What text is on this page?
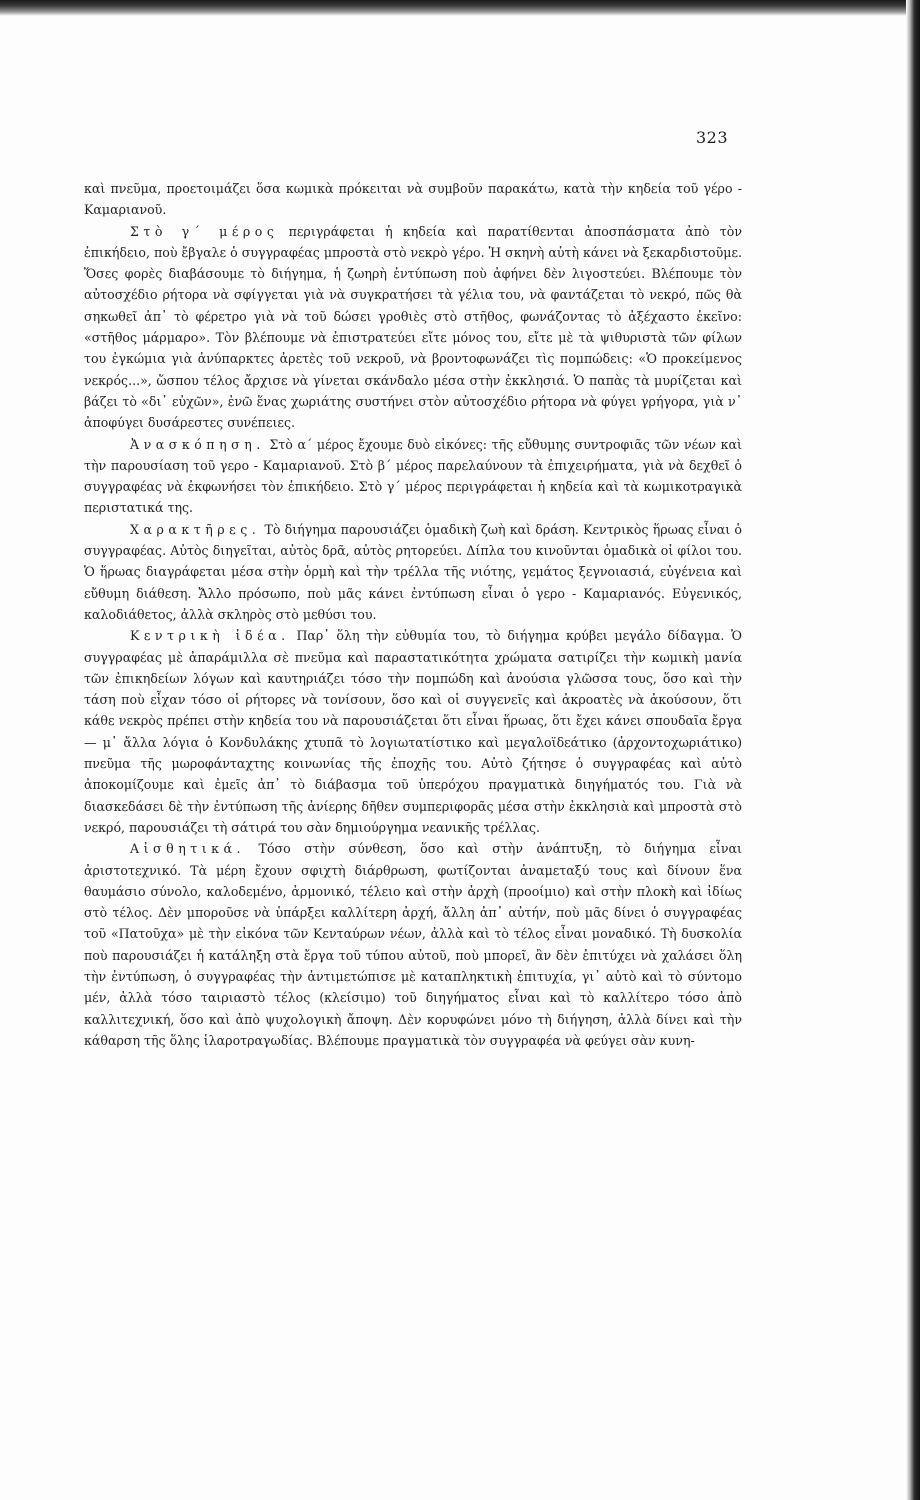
323

καὶ πνεῦμα, προετοιμάζει ὅσα κωμικὰ πρόκειται νὰ συμβοῦν παρακάτω, κατὰ τὴν κηδεία τοῦ γέρο - Καμαριανοῦ.

Στὸ γ΄ μέρος περιγράφεται ἡ κηδεία καὶ παρατίθενται ἀποσπάσματα ἀπὸ τὸν ἐπικήδειο, ποὺ ἔβγαλε ὁ συγγραφέας μπροστὰ στὸ νεκρὸ γέρο. Ἡ σκηνὴ αὐτὴ κάνει νὰ ξεκαρδιστοῦμε. Ὅσες φορὲς διαβάσουμε τὸ διήγημα, ἡ ζωηρὴ ἐντύπωση ποὺ ἀφήνει δὲν λιγοστεύει. Βλέπουμε τὸν αὐτοσχέδιο ρήτορα νὰ σφίγγεται γιὰ νὰ συγκρατήσει τὰ γέλια του, νὰ φαντάζεται τὸ νεκρό, πῶς θὰ σηκωθεῖ ἀπ᾿ τὸ φέρετρο γιὰ νὰ τοῦ δώσει γροθιὲς στὸ στῆθος, φωνάζοντας τὸ ἀξέχαστο ἐκεῖνο: «στῆθος μάρμαρο». Τὸν βλέπουμε νὰ ἐπιστρατεύει εἴτε μόνος του, εἴτε μὲ τὰ ψιθυριστὰ τῶν φίλων του ἐγκώμια γιὰ ἀνύπαρκτες ἀρετὲς τοῦ νεκροῦ, νὰ βροντοφωνάζει τὶς πομπώδεις: «Ὁ προκείμενος νεκρός...», ὥσπου τέλος ἄρχισε νὰ γίνεται σκάνδαλο μέσα στὴν ἐκκλησιά. Ὁ παπὰς τὰ μυρίζεται καὶ βάζει τὸ «δι᾿ εὐχῶν», ἐνῶ ἕνας χωριάτης συστήνει στὸν αὐτοσχέδιο ρήτορα νὰ φύγει γρήγορα, γιὰ ν᾿ ἀποφύγει δυσάρεστες συνέπειες.

Ἀνασκόπηση. Στὸ α΄ μέρος ἔχουμε δυὸ εἰκόνες: τῆς εὔθυμης συντροφιᾶς τῶν νέων καὶ τὴν παρουσίαση τοῦ γερο - Καμαριανοῦ. Στὸ β΄ μέρος παρελαύνουν τὰ ἐπιχειρήματα, γιὰ νὰ δεχθεῖ ὁ συγγραφέας νὰ ἐκφωνήσει τὸν ἐπικήδειο. Στὸ γ΄ μέρος περιγράφεται ἡ κηδεία καὶ τὰ κωμικοτραγικὰ περιστατικά της.

Χαρακτῆρες. Τὸ διήγημα παρουσιάζει ὁμαδικὴ ζωὴ καὶ δράση. Κεντρικὸς ἥρωας εἶναι ὁ συγγραφέας. Αὐτὸς διηγεῖται, αὐτὸς δρᾶ, αὐτὸς ρητορεύει. Δίπλα του κινοῦνται ὁμαδικὰ οἱ φίλοι του. Ὁ ἥρωας διαγράφεται μέσα στὴν ὁρμὴ καὶ τὴν τρέλλα τῆς νιότης, γεμάτος ξεγνοιασιά, εὐγένεια καὶ εὔθυμη διάθεση. Ἄλλο πρόσωπο, ποὺ μᾶς κάνει ἐντύπωση εἶναι ὁ γερο - Καμαριανός. Εὐγενικός, καλοδιάθετος, ἀλλὰ σκληρὸς στὸ μεθύσι του.

Κεντρικὴ ἰδέα. Παρ᾿ ὅλη τὴν εὐθυμία του, τὸ διήγημα κρύβει μεγάλο δίδαγμα. Ὁ συγγραφέας μὲ ἀπαράμιλλα σὲ πνεῦμα καὶ παραστατικότητα χρώματα σατιρίζει τὴν κωμικὴ μανία τῶν ἐπικηδείων λόγων καὶ καυτηριάζει τόσο τὴν πομπώδη καὶ ἀνούσια γλῶσσα τους, ὅσο καὶ τὴν τάση ποὺ εἶχαν τόσο οἱ ρήτορες νὰ τονίσουν, ὅσο καὶ οἱ συγγενεῖς καὶ ἀκροατὲς νὰ ἀκούσουν, ὅτι κάθε νεκρὸς πρέπει στὴν κηδεία του νὰ παρουσιάζεται ὅτι εἶναι ἥρωας, ὅτι ἔχει κάνει σπουδαῖα ἔργα — μ᾿ ἄλλα λόγια ὁ Κονδυλάκης χτυπᾶ τὸ λογιωτατίστικο καὶ μεγαλοϊδεάτικο (ἀρχοντοχωριάτικο) πνεῦμα τῆς μωροφάνταχτης κοινωνίας τῆς ἐποχῆς του. Αὐτὸ ζήτησε ὁ συγγραφέας καὶ αὐτὸ ἀποκομίζουμε καὶ ἐμεῖς ἀπ᾿ τὸ διάβασμα τοῦ ὑπερόχου πραγματικὰ διηγήματός του. Γιὰ νὰ διασκεδάσει δὲ τὴν ἐντύπωση τῆς ἀνίερης δῆθεν συμπεριφορᾶς μέσα στὴν ἐκκλησιὰ καὶ μπροστὰ στὸ νεκρό, παρουσιάζει τὴ σάτιρά του σὰν δημιούργημα νεανικῆς τρέλλας.

Αἰσθητικά. Τόσο στὴν σύνθεση, ὅσο καὶ στὴν ἀνάπτυξη, τὸ διήγημα εἶναι ἀριστοτεχνικό. Τὰ μέρη ἔχουν σφιχτὴ διάρθρωση, φωτίζονται ἀναμεταξύ τους καὶ δίνουν ἕνα θαυμάσιο σύνολο, καλοδεμένο, ἁρμονικό, τέλειο καὶ στὴν ἀρχὴ (προοίμιο) καὶ στὴν πλοκὴ καὶ ἰδίως στὸ τέλος. Δὲν μποροῦσε νὰ ὑπάρξει καλλίτερη ἀρχή, ἄλλη ἀπ᾿ αὐτήν, ποὺ μᾶς δίνει ὁ συγγραφέας τοῦ «Πατοῦχα» μὲ τὴν εἰκόνα τῶν Κενταύρων νέων, ἀλλὰ καὶ τὸ τέλος εἶναι μοναδικό. Τὴ δυσκολία ποὺ παρουσιάζει ἡ κατάληξη στὰ ἔργα τοῦ τύπου αὐτοῦ, ποὺ μπορεῖ, ἂν δὲν ἐπιτύχει νὰ χαλάσει ὅλη τὴν ἐντύπωση, ὁ συγγραφέας τὴν ἀντιμετώπισε μὲ καταπληκτικὴ ἐπιτυχία, γι᾿ αὐτὸ καὶ τὸ σύντομο μέν, ἀλλὰ τόσο ταιριαστὸ τέλος (κλείσιμο) τοῦ διηγήματος εἶναι καὶ τὸ καλλίτερο τόσο ἀπὸ καλλιτεχνική, ὅσο καὶ ἀπὸ ψυχολογικὴ ἄποψη. Δὲν κορυφώνει μόνο τὴ διήγηση, ἀλλὰ δίνει καὶ τὴν κάθαρση τῆς ὅλης ἱλαροτραγωδίας. Βλέπουμε πραγματικὰ τὸν συγγραφέα νὰ φεύγει σὰν κυνη-
